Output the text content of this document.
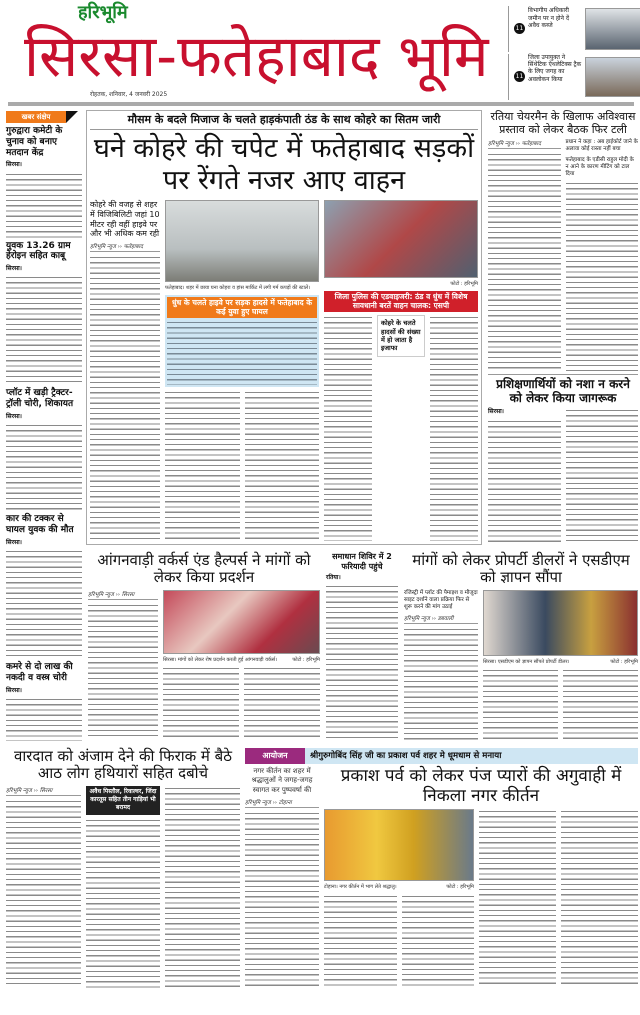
हरिभूमि
सिरसा-फतेहाबाद भूमि
रोहतक, शनिवार, 4 जनवरी 2025
11
विभागीय अधिकारी जमीन पर न होने दें अवैध कब्जे
11
जिला उपायुक्त ने सिंथेटिक ऐथलेटिक्स ट्रैक के लिए जगह का अवलोकन किया
खबर संक्षेप
गुरुद्वारा कमेटी के चुनाव को बनाए मतदान केंद्र
सिरसा।
युवक 13.26 ग्राम हेरोइन सहित काबू
सिरसा।
प्लॉट में खड़ी ट्रैक्टर-ट्रॉली चोरी, शिकायत
सिरसा।
कार की टक्कर से घायल युवक की मौत
सिरसा।
कमरे से दो लाख की नकदी व वस्त्र चोरी
सिरसा।
मौसम के बदले मिजाज के चलते हाड़कंपाती ठंड के साथ कोहरे का सितम जारी
घने कोहरे की चपेट में फतेहाबाद सड़कों पर रेंगते नजर आए वाहन
कोहरे की वजह से शहर में विजिबिलिटी जहां 10 मीटर रही वहीं हाइवे पर और भी अधिक कम रही
हरिभूमि न्यूज ›› फतेहाबाद
फतेहाबाद। शहर में छाया घना कोहरा व हांस मार्किट में लगी गर्म कपड़ों की स्टालें।
धुंध के चलते हाइवे पर सड़क हादसे में फतेहाबाद के कई युवा हुए घायल
फोटो : हरिभूमि
जिला पुलिस की एडवाइजरी: ठंड व धुंध में विशेष सावधानी बरतें वाहन चालक: एसपी
कोहरे के चलते हादसों की संख्या में हो जाता है इजाफा
रतिया चेयरमैन के खिलाफ अविश्वास प्रस्ताव को लेकर बैठक फिर टली
हरिभूमि न्यूज ›› फतेहाबाद	प्रधान ने कहा : अब हाईकोर्ट जाने के अलावा कोई रास्ता नहीं बचा
फतेहाबाद के एडीसी राहुल मोदी के न आने के कारण मीटिंग को टाल दिया
प्रशिक्षणार्थियों को नशा न करने को लेकर किया जागरूक
सिरसा।
आंगनवाड़ी वर्कर्स एंड हैल्पर्स ने मांगों को लेकर किया प्रदर्शन
हरिभूमि न्यूज ›› सिरसा
सिरसा। मांगों को लेकर रोष प्रदर्शन करती हुई आंगनवाड़ी वर्कर्स।	फोटो : हरिभूमि
समाधान शिविर में 2 फरियादी पहुंचे
रतिया।
मांगों को लेकर प्रोपर्टी डीलरों ने एसडीएम को ज्ञापन सौंपा
रजिस्ट्री में प्लॉट की पैमाइश व मौजूदा साइट दर्शाने वाला प्रक्रिया फिर से शुरू करने की मांग उठाई
हरिभूमि न्यूज ›› डबवाली
सिरसा। एसडीएम को ज्ञापन सौंपते प्रोपर्टी डीलर।	फोटो : हरिभूमि
वारदात को अंजाम देने की फिराक में बैठे आठ लोग हथियारों सहित दबोचे
हरिभूमि न्यूज ›› सिरसा	अवैध पिस्तौल, रिवाल्वर, जिंदा कारतूस सहित तीन गाड़ियां भी बरामद
आयोजन	श्रीगुरुगोबिंद सिंह जी का प्रकाश पर्व शहर मे धूमधाम से मनाया
नगर कीर्तन का शहर में श्रद्धालुओं ने जगह-जगह स्वागत कर पुष्पवर्षा की
हरिभूमि न्यूज ›› टोहाना
प्रकाश पर्व को लेकर पंज प्यारों की अगुवाही में निकला नगर कीर्तन
टोहाना। नगर कीर्तन में भाग लेते श्रद्धालु।	फोटो : हरिभूमि
